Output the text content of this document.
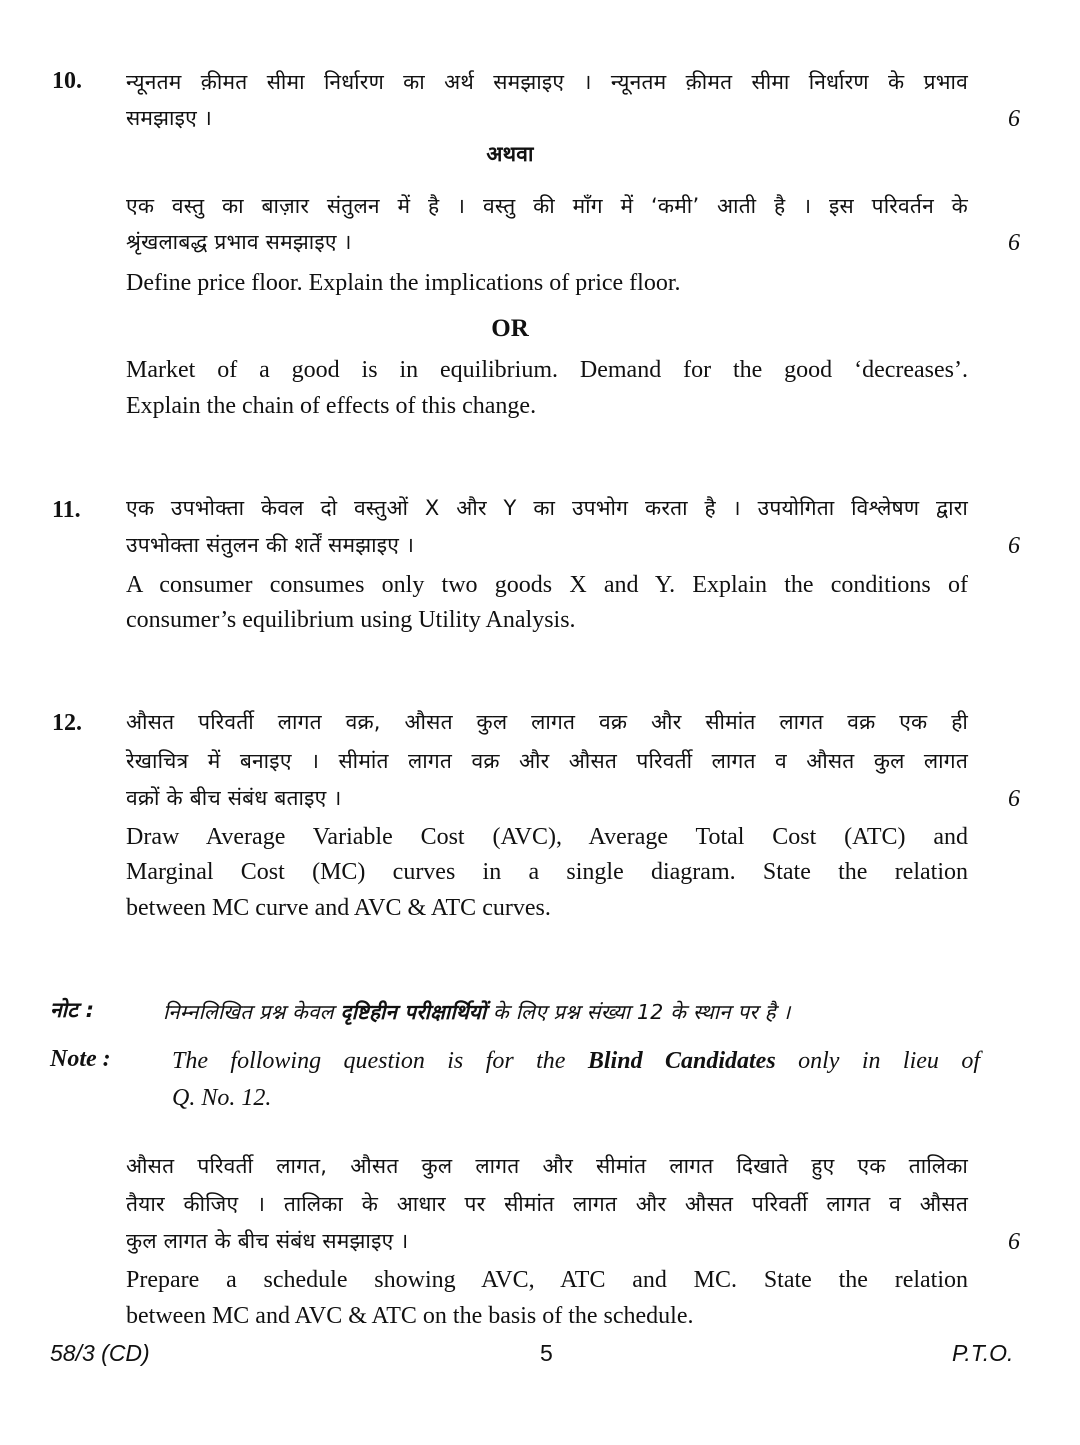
10. न्यूनतम क़ीमत सीमा निर्धारण का अर्थ समझाइए । न्यूनतम क़ीमत सीमा निर्धारण के प्रभाव
समझाइए ।	6
अथवा
एक वस्तु का बाज़ार संतुलन में है । वस्तु की माँग में ‘कमी’ आती है । इस परिवर्तन के
श्रृंखलाबद्ध प्रभाव समझाइए ।	6
Define price floor. Explain the implications of price floor.
OR
Market of a good is in equilibrium. Demand for the good ‘decreases’.
Explain the chain of effects of this change.
11. एक उपभोक्ता केवल दो वस्तुओं X और Y का उपभोग करता है । उपयोगिता विश्लेषण द्वारा
उपभोक्ता संतुलन की शर्तें समझाइए ।	6
A consumer consumes only two goods X and Y. Explain the conditions of
consumer’s equilibrium using Utility Analysis.
12. औसत परिवर्ती लागत वक्र, औसत कुल लागत वक्र और सीमांत लागत वक्र एक ही
रेखाचित्र में बनाइए । सीमांत लागत वक्र और औसत परिवर्ती लागत व औसत कुल लागत
वक्रों के बीच संबंध बताइए ।	6
Draw Average Variable Cost (AVC), Average Total Cost (ATC) and
Marginal Cost (MC) curves in a single diagram. State the relation
between MC curve and AVC & ATC curves.
नोट :	निम्नलिखित प्रश्न केवल दृष्टिहीन परीक्षार्थियों के लिए प्रश्न संख्या 12 के स्थान पर है ।
Note :	The following question is for the Blind Candidates only in lieu of
Q. No. 12.
औसत परिवर्ती लागत, औसत कुल लागत और सीमांत लागत दिखाते हुए एक तालिका
तैयार कीजिए । तालिका के आधार पर सीमांत लागत और औसत परिवर्ती लागत व औसत
कुल लागत के बीच संबंध समझाइए ।	6
Prepare a schedule showing AVC, ATC and MC. State the relation
between MC and AVC & ATC on the basis of the schedule.
58/3 (CD)	5	P.T.O.
